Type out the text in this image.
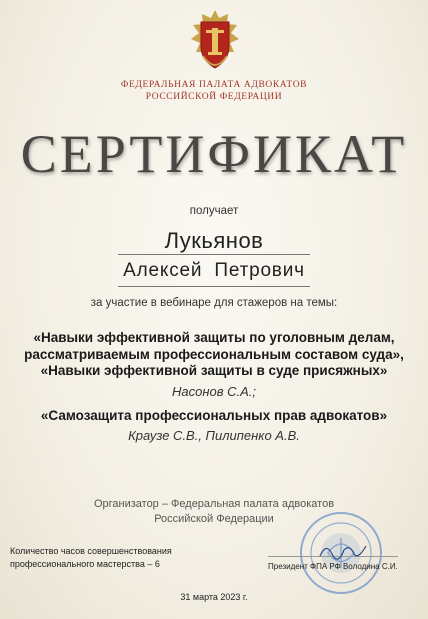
ФЕДЕРАЛЬНАЯ ПАЛАТА АДВОКАТОВ
РОССИЙСКОЙ ФЕДЕРАЦИИ
СЕРТИФИКАТ
получает
Лукьянов
Алексей Петрович
за участие в вебинаре для стажеров на темы:
«Навыки эффективной защиты по уголовным делам, рассматриваемым профессиональным составом суда», «Навыки эффективной защиты в суде присяжных»
Насонов С.А.;
«Самозащита профессиональных прав адвокатов»
Краузе С.В., Пилипенко А.В.
Организатор – Федеральная палата адвокатов
Российской Федерации
Количество часов совершенствования
профессионального мастерства – 6	Президент ФПА РФ Володина С.И.
31 марта 2023 г.
